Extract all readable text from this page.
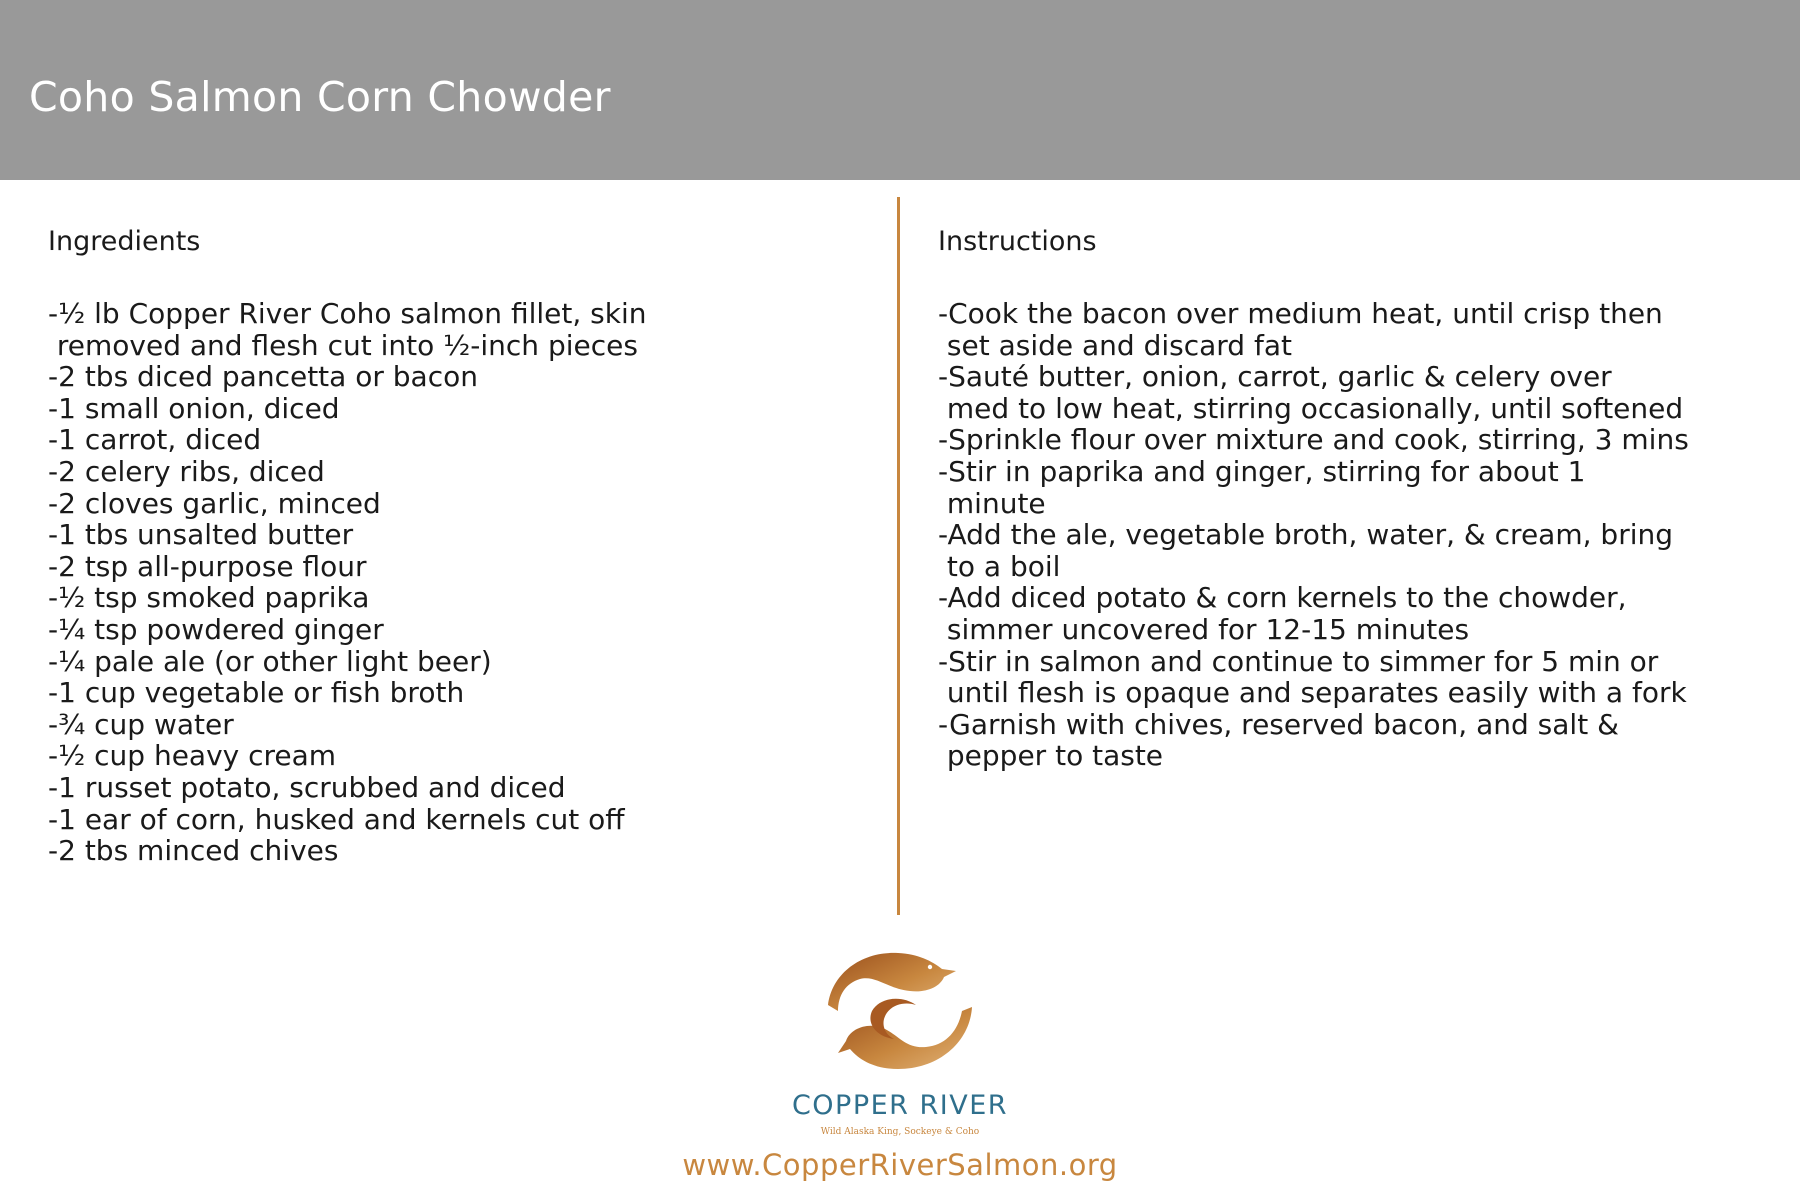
Coho Salmon Corn Chowder
Ingredients
-½ lb Copper River Coho salmon fillet, skin
removed and flesh cut into ½-inch pieces
-2 tbs diced pancetta or bacon
-1 small onion, diced
-1 carrot, diced
-2 celery ribs, diced
-2 cloves garlic, minced
-1 tbs unsalted butter
-2 tsp all-purpose flour
-½ tsp smoked paprika
-¼ tsp powdered ginger
-¼ pale ale (or other light beer)
-1 cup vegetable or fish broth
-¾ cup water
-½ cup heavy cream
-1 russet potato, scrubbed and diced
-1 ear of corn, husked and kernels cut off
-2 tbs minced chives
Instructions
-Cook the bacon over medium heat, until crisp then
set aside and discard fat
-Sauté butter, onion, carrot, garlic & celery over
med to low heat, stirring occasionally, until softened
-Sprinkle flour over mixture and cook, stirring, 3 mins
-Stir in paprika and ginger, stirring for about 1
minute
-Add the ale, vegetable broth, water, & cream, bring
to a boil
-Add diced potato & corn kernels to the chowder,
simmer uncovered for 12-15 minutes
-Stir in salmon and continue to simmer for 5 min or
until flesh is opaque and separates easily with a fork
-Garnish with chives, reserved bacon, and salt &
pepper to taste
COPPER RIVER
Wild Alaska King, Sockeye & Coho
www.CopperRiverSalmon.org
